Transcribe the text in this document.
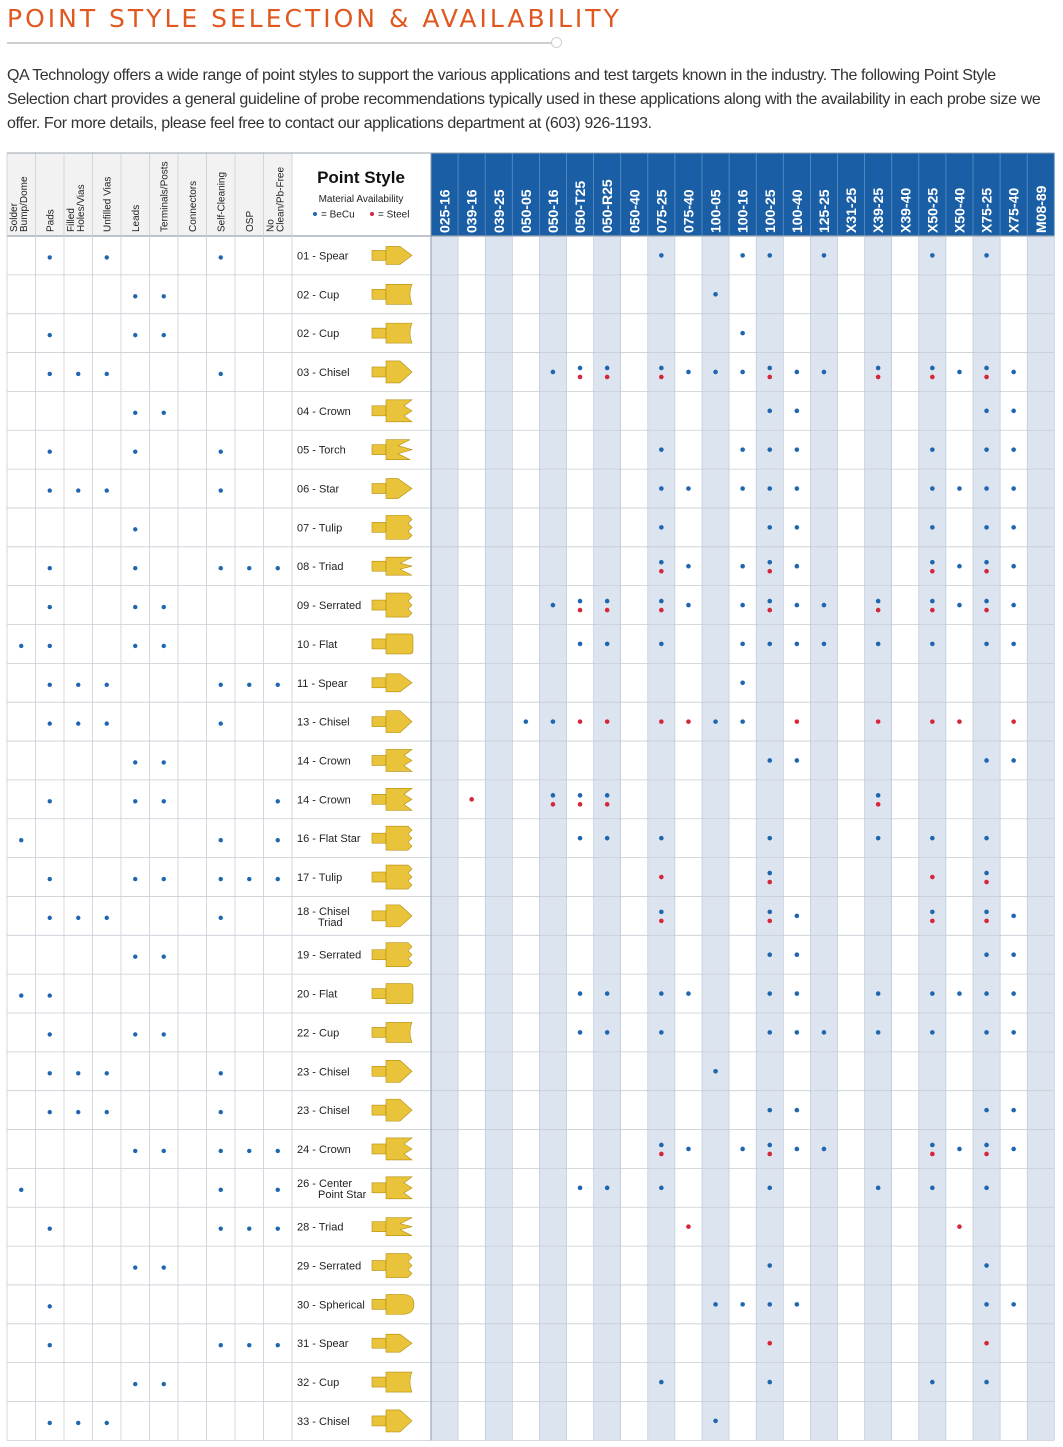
POINT STYLE SELECTION & AVAILABILITY

QA Technology offers a wide range of point styles to support the various applications and test targets known in the industry. The following Point Style Selection chart provides a general guideline of probe recommendations typically used in these applications along with the availability in each probe size we offer. For more details, please feel free to contact our applications department at (603) 926-1193.

Point Style
Material Availability
= BeCu = Steel
Solder Bump/Dome Pads Filled Holes/Vias Unfilled Vias Leads Terminals/Posts Connectors Self-Cleaning OSP No Clean/Pb-Free	025-16 039-16 039-25 050-05 050-16 050-T25 050-R25 050-40 075-25 075-40 100-05 100-16 100-25 100-40 125-25 X31-25 X39-25 X39-40 X50-25 X50-40 X75-25 X75-40 M08-89
01 - Spear
02 - Cup
02 - Cup
03 - Chisel
04 - Crown
05 - Torch
06 - Star
07 - Tulip
08 - Triad
09 - Serrated
10 - Flat
11 - Spear
13 - Chisel
14 - Crown
14 - Crown
16 - Flat Star
17 - Tulip
18 - Chisel
Triad
19 - Serrated
20 - Flat
22 - Cup
23 - Chisel
23 - Chisel
24 - Crown
26 - Center
Point Star
28 - Triad
29 - Serrated
30 - Spherical
31 - Spear
32 - Cup
33 - Chisel
